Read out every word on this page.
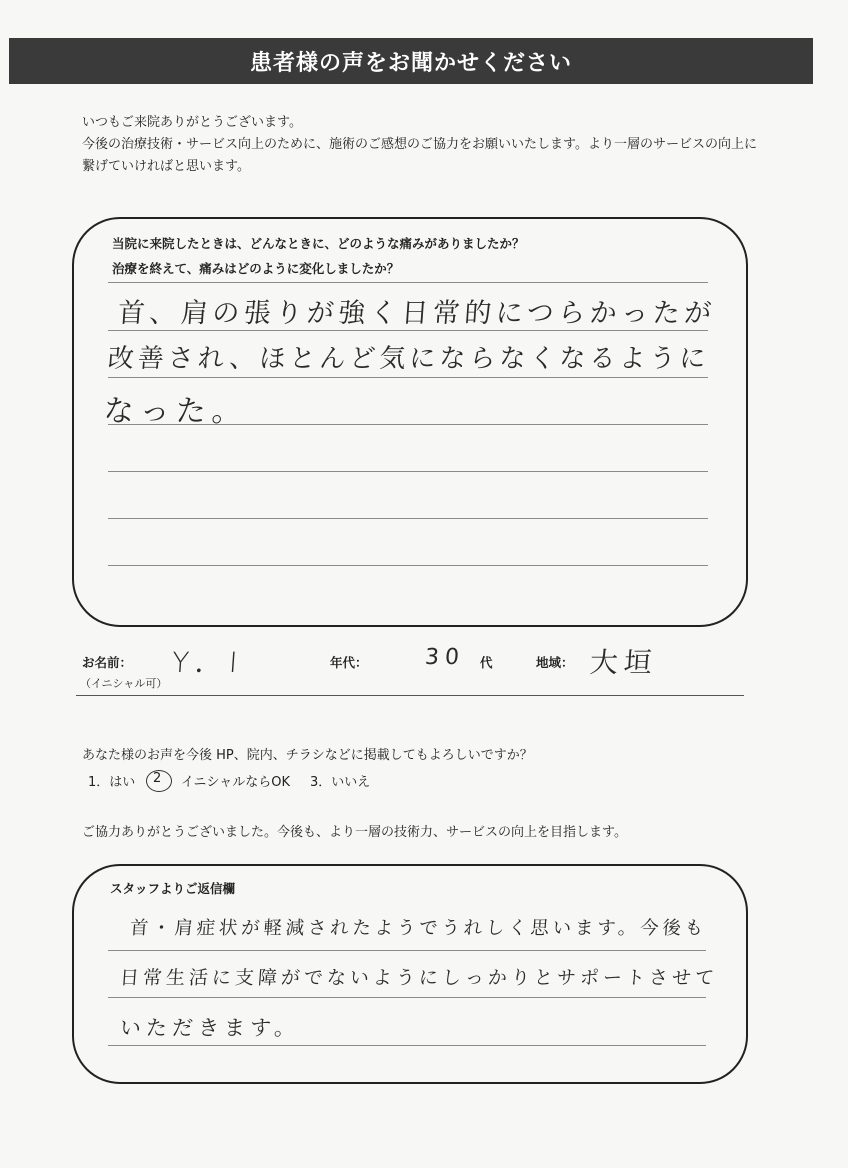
患者様の声をお聞かせください
いつもご来院ありがとうございます。
今後の治療技術・サービス向上のために、施術のご感想のご協力をお願いいたします。より一層のサービスの向上に
繋げていければと思います。
当院に来院したときは、どんなときに、どのような痛みがありましたか？
治療を終えて、痛みはどのように変化しましたか？
首、肩の張りが強く日常的につらかったが
改善され、ほとんど気にならなくなるように
なった。
お名前：
（イニシャル可）
Y．I	年代：	30 代	地域： 大垣
あなた様のお声を今後 HP、院内、チラシなどに掲載してもよろしいですか？
1．はい 2 イニシャルならOK 3．いいえ
ご協力ありがとうございました。今後も、より一層の技術力、サービスの向上を目指します。
スタッフよりご返信欄
首・肩症状が軽減されたようでうれしく思います。今後も
日常生活に支障がでないようにしっかりとサポートさせて
いただきます。
